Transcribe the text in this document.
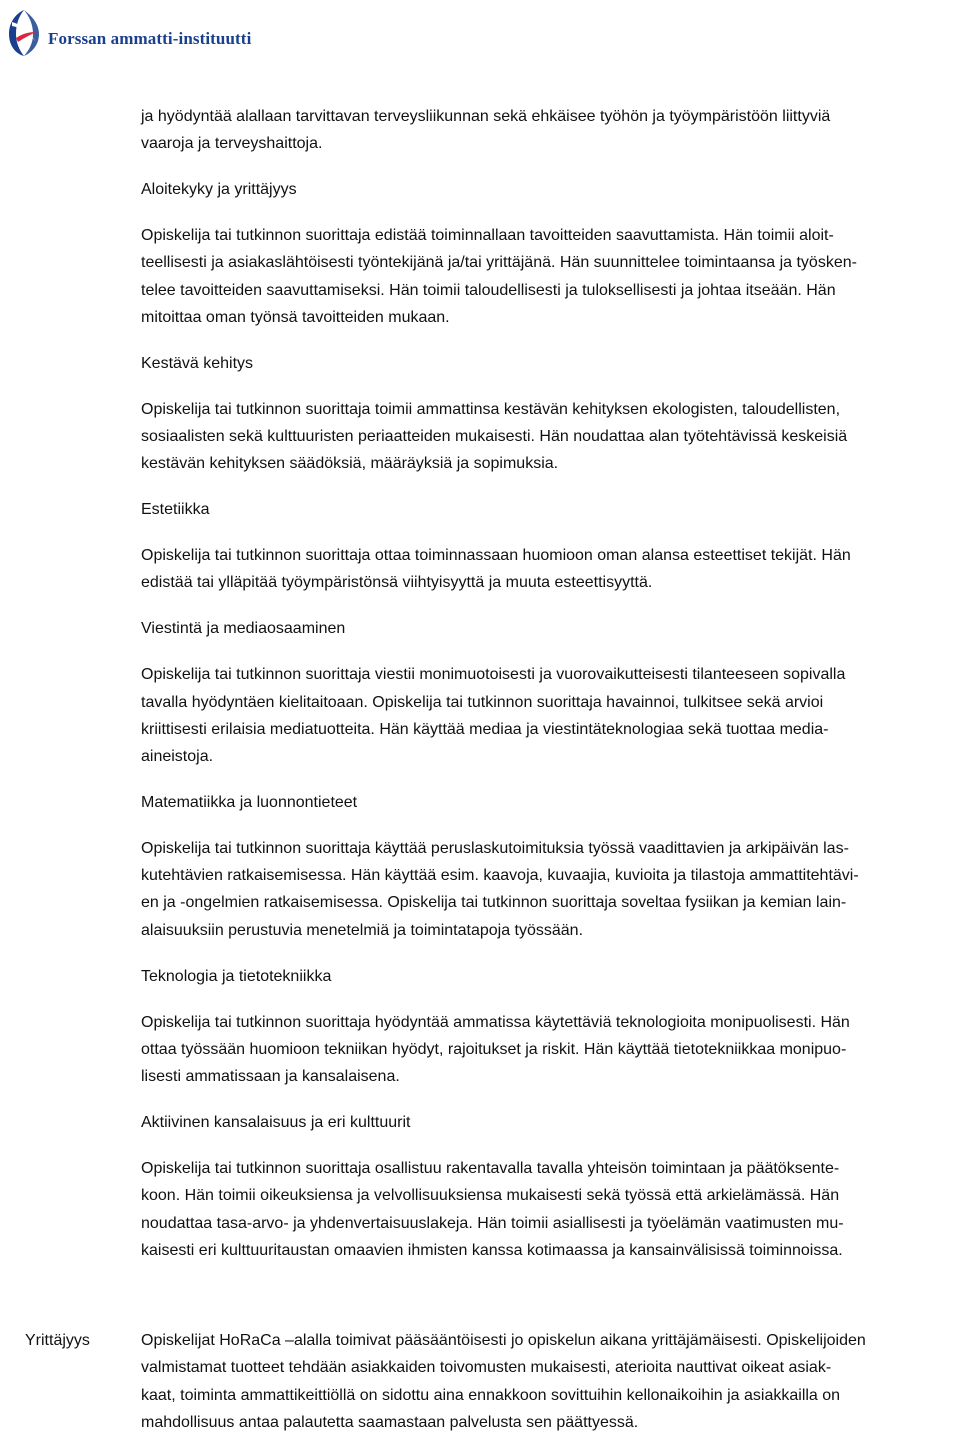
Forssan ammatti-instituutti

ja hyödyntää alallaan tarvittavan terveysliikunnan sekä ehkäisee työhön ja työympäristöön liittyviä
vaaroja ja terveyshaittoja.

Aloitekyky ja yrittäjyys

Opiskelija tai tutkinnon suorittaja edistää toiminnallaan tavoitteiden saavuttamista. Hän toimii aloit-
teellisesti ja asiakaslähtöisesti työntekijänä ja/tai yrittäjänä. Hän suunnittelee toimintaansa ja työsken-
telee tavoitteiden saavuttamiseksi. Hän toimii taloudellisesti ja tuloksellisesti ja johtaa itseään. Hän
mitoittaa oman työnsä tavoitteiden mukaan.

Kestävä kehitys

Opiskelija tai tutkinnon suorittaja toimii ammattinsa kestävän kehityksen ekologisten, taloudellisten,
sosiaalisten sekä kulttuuristen periaatteiden mukaisesti. Hän noudattaa alan työtehtävissä keskeisiä
kestävän kehityksen säädöksiä, määräyksiä ja sopimuksia.

Estetiikka

Opiskelija tai tutkinnon suorittaja ottaa toiminnassaan huomioon oman alansa esteettiset tekijät. Hän
edistää tai ylläpitää työympäristönsä viihtyisyyttä ja muuta esteettisyyttä.

Viestintä ja mediaosaaminen

Opiskelija tai tutkinnon suorittaja viestii monimuotoisesti ja vuorovaikutteisesti tilanteeseen sopivalla
tavalla hyödyntäen kielitaitoaan. Opiskelija tai tutkinnon suorittaja havainnoi, tulkitsee sekä arvioi
kriittisesti erilaisia mediatuotteita. Hän käyttää mediaa ja viestintäteknologiaa sekä tuottaa media-
aineistoja.

Matematiikka ja luonnontieteet

Opiskelija tai tutkinnon suorittaja käyttää peruslaskutoimituksia työssä vaadittavien ja arkipäivän las-
kutehtävien ratkaisemisessa. Hän käyttää esim. kaavoja, kuvaajia, kuvioita ja tilastoja ammattitehtävi-
en ja -ongelmien ratkaisemisessa. Opiskelija tai tutkinnon suorittaja soveltaa fysiikan ja kemian lain-
alaisuuksiin perustuvia menetelmiä ja toimintatapoja työssään.

Teknologia ja tietotekniikka

Opiskelija tai tutkinnon suorittaja hyödyntää ammatissa käytettäviä teknologioita monipuolisesti. Hän
ottaa työssään huomioon tekniikan hyödyt, rajoitukset ja riskit. Hän käyttää tietotekniikkaa monipuo-
lisesti ammatissaan ja kansalaisena.

Aktiivinen kansalaisuus ja eri kulttuurit

Opiskelija tai tutkinnon suorittaja osallistuu rakentavalla tavalla yhteisön toimintaan ja päätöksente-
koon. Hän toimii oikeuksiensa ja velvollisuuksiensa mukaisesti sekä työssä että arkielämässä. Hän
noudattaa tasa-arvo- ja yhdenvertaisuuslakeja. Hän toimii asiallisesti ja työelämän vaatimusten mu-
kaisesti eri kulttuuritaustan omaavien ihmisten kanssa kotimaassa ja kansainvälisissä toiminnoissa.

Yrittäjyys	Opiskelijat HoRaCa –alalla toimivat pääsääntöisesti jo opiskelun aikana yrittäjämäisesti. Opiskelijoiden
valmistamat tuotteet tehdään asiakkaiden toivomusten mukaisesti, aterioita nauttivat oikeat asiak-
kaat, toiminta ammattikeittiöllä on sidottu aina ennakkoon sovittuihin kellonaikoihin ja asiakkailla on
mahdollisuus antaa palautetta saamastaan palvelusta sen päättyessä.
